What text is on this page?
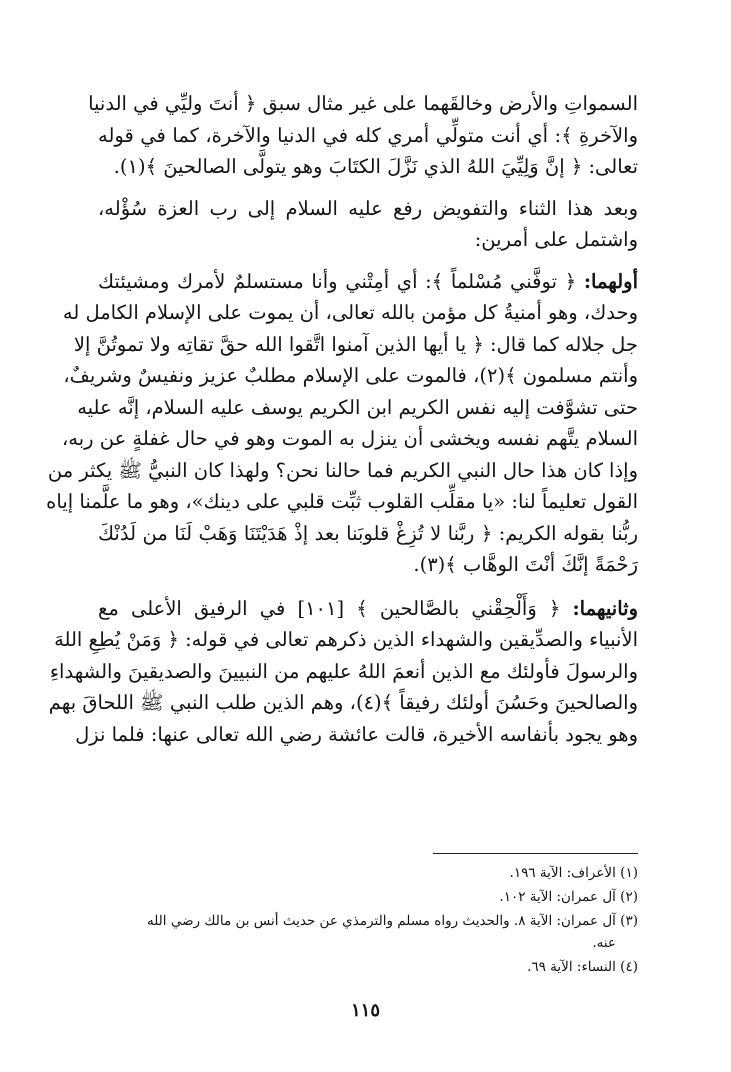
السمواتِ والأرض وخالقَهما على غير مثال سبق ﴿ أنتَ وليِّي في الدنيا
والآخرةِ ﴾: أي أنت متولِّي أمري كله في الدنيا والآخرة، كما في قوله
تعالى: ﴿ إنَّ وَلِيِّيَ اللهُ الذي نَزَّلَ الكتَابَ وهو يتولَّى الصالحينَ ﴾(١).

وبعد هذا الثناء والتفويض رفع عليه السلام إلى رب العزة سُؤْله،
واشتمل على أمرين:

أولهما: ﴿ توفَّني مُسْلماً ﴾: أي أمِتْني وأنا مستسلمٌ لأمرك ومشيئتك
وحدك، وهو أمنيةُ كل مؤمن بالله تعالى، أن يموت على الإسلام الكامل له
جل جلاله كما قال: ﴿ يا أيها الذين آمنوا اتَّقوا الله حقَّ تقاتِه ولا تموتُنَّ إلا
وأنتم مسلمون ﴾(٢)، فالموت على الإسلام مطلبٌ عزيز ونفيسٌ وشريفٌ،
حتى تشوَّفت إليه نفس الكريم ابن الكريم يوسف عليه السلام، إنَّه عليه
السلام يتَّهم نفسه ويخشى أن ينزل به الموت وهو في حال غفلةٍ عن ربه،
وإذا كان هذا حال النبي الكريم فما حالنا نحن؟ ولهذا كان النبيُّ ﷺ يكثر من
القول تعليماً لنا: «يا مقلِّب القلوب ثبِّت قلبي على دينك»، وهو ما علَّمنا إياه
ربُّنا بقوله الكريم: ﴿ ربَّنا لا تُزِغْ قلوبَنا بعد إذْ هَدَيْتَنَا وَهَبْ لَنَا من لَدُنْكَ
رَحْمَةً إنَّكَ أنْتَ الوهَّاب ﴾(٣).

وثانيهما: ﴿ وَأَلْحِقْني بالصَّالحين ﴾ [١٠١] في الرفيق الأعلى مع
الأنبياء والصدِّيقين والشهداء الذين ذكرهم تعالى في قوله: ﴿ وَمَنْ يُطِعِ اللهَ
والرسولَ فأولئك مع الذين أنعمَ اللهُ عليهم من النبيينَ والصديقينَ والشهداءِ
والصالحينَ وحَسُنَ أولئك رفيقاً ﴾(٤)، وهم الذين طلب النبي ﷺ اللحاقَ بهم
وهو يجود بأنفاسه الأخيرة، قالت عائشة رضي الله تعالى عنها: فلما نزل

(١) الأعراف: الآية ١٩٦.
(٢) آل عمران: الآية ١٠٢.
(٣) آل عمران: الآية ٨. والحديث رواه مسلم والترمذي عن حديث أنس بن مالك رضي الله
عنه.
(٤) النساء: الآية ٦٩.
١١٥
